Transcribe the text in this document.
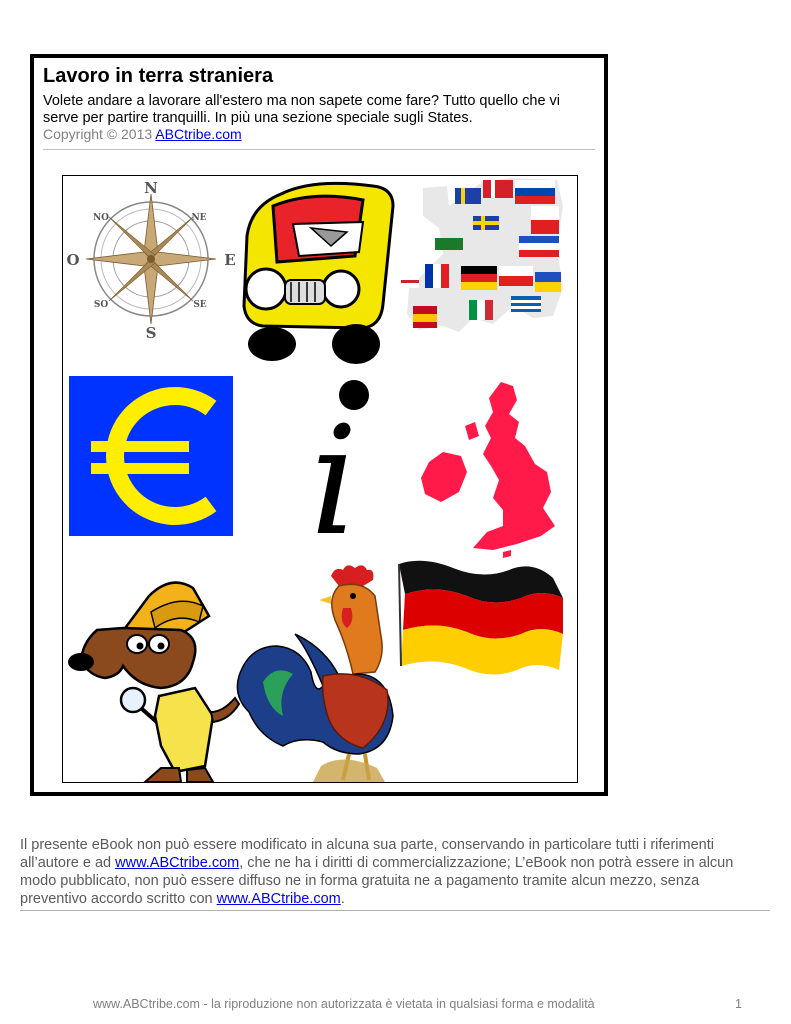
Lavoro in terra straniera
Volete andare a lavorare all'estero ma non sapete come fare? Tutto quello che vi serve per partire tranquilli. In più una sezione speciale sugli States.
Copyright © 2013 ABCtribe.com
N
S
E
O
NE
NO
SE
SO
i
Il presente eBook non può essere modificato in alcuna sua parte, conservando in particolare tutti i riferimenti all’autore e ad www.ABCtribe.com, che ne ha i diritti di commercializzazione; L’eBook non potrà essere in alcun modo pubblicato, non può essere diffuso ne in forma gratuita ne a pagamento tramite alcun mezzo, senza preventivo accordo scritto con www.ABCtribe.com.
www.ABCtribe.com - la riproduzione non autorizzata è vietata in qualsiasi forma e modalità	1
